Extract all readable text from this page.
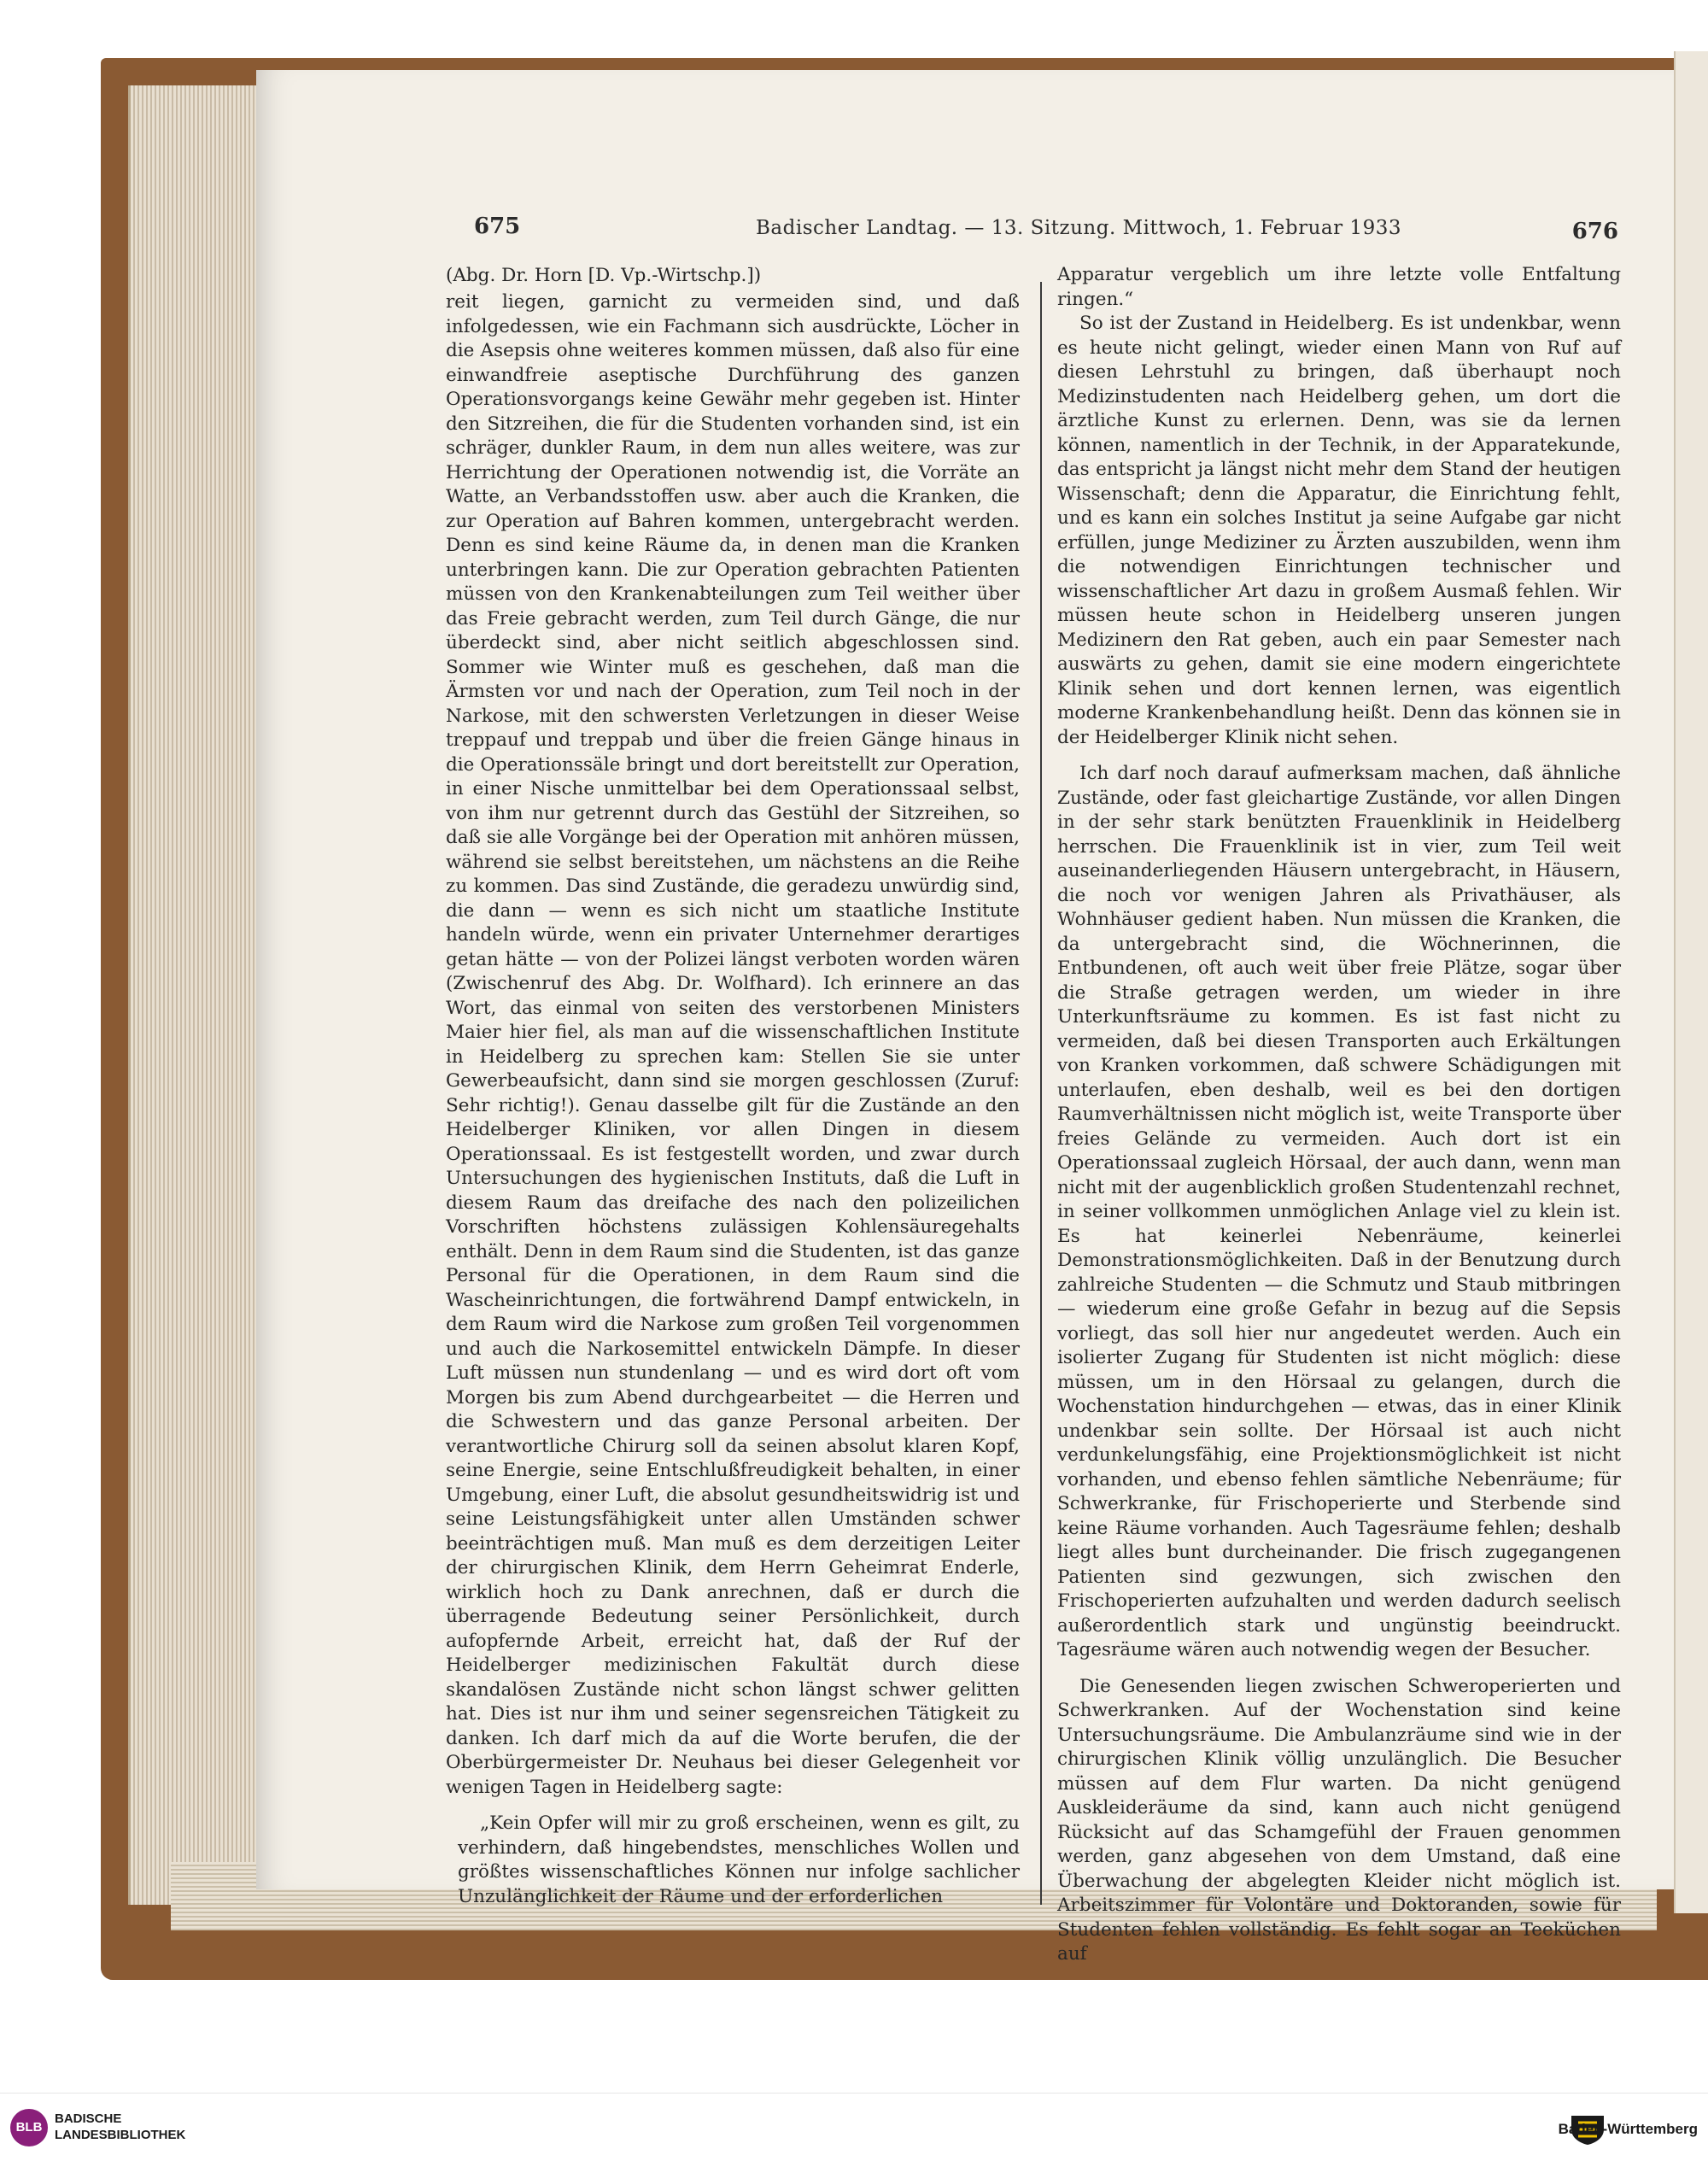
675	Badischer Landtag. — 13. Sitzung. Mittwoch, 1. Februar 1933	676
(Abg. Dr. Horn [D. Vp.-Wirtschp.])

reit liegen, garnicht zu vermeiden sind, und daß infolgedessen, wie ein Fachmann sich ausdrückte, Löcher in die Asepsis ohne weiteres kommen müssen, daß also für eine einwandfreie aseptische Durchführung des ganzen Operationsvorgangs keine Gewähr mehr gegeben ist. Hinter den Sitzreihen, die für die Studenten vorhanden sind, ist ein schräger, dunkler Raum, in dem nun alles weitere, was zur Herrichtung der Operationen notwendig ist, die Vorräte an Watte, an Verbandsstoffen usw. aber auch die Kranken, die zur Operation auf Bahren kommen, untergebracht werden. Denn es sind keine Räume da, in denen man die Kranken unterbringen kann. Die zur Operation gebrachten Patienten müssen von den Krankenabteilungen zum Teil weither über das Freie gebracht werden, zum Teil durch Gänge, die nur überdeckt sind, aber nicht seitlich abgeschlossen sind. Sommer wie Winter muß es geschehen, daß man die Ärmsten vor und nach der Operation, zum Teil noch in der Narkose, mit den schwersten Verletzungen in dieser Weise treppauf und treppab und über die freien Gänge hinaus in die Operationssäle bringt und dort bereitstellt zur Operation, in einer Nische unmittelbar bei dem Operationssaal selbst, von ihm nur getrennt durch das Gestühl der Sitzreihen, so daß sie alle Vorgänge bei der Operation mit anhören müssen, während sie selbst bereitstehen, um nächstens an die Reihe zu kommen. Das sind Zustände, die geradezu unwürdig sind, die dann — wenn es sich nicht um staatliche Institute handeln würde, wenn ein privater Unternehmer derartiges getan hätte — von der Polizei längst verboten worden wären (Zwischenruf des Abg. Dr. Wolfhard). Ich erinnere an das Wort, das einmal von seiten des verstorbenen Ministers Maier hier fiel, als man auf die wissenschaftlichen Institute in Heidelberg zu sprechen kam: Stellen Sie sie unter Gewerbeaufsicht, dann sind sie morgen geschlossen (Zuruf: Sehr richtig!). Genau dasselbe gilt für die Zustände an den Heidelberger Kliniken, vor allen Dingen in diesem Operationssaal. Es ist festgestellt worden, und zwar durch Untersuchungen des hygienischen Instituts, daß die Luft in diesem Raum das dreifache des nach den polizeilichen Vorschriften höchstens zulässigen Kohlensäuregehalts enthält. Denn in dem Raum sind die Studenten, ist das ganze Personal für die Operationen, in dem Raum sind die Wascheinrichtungen, die fortwährend Dampf entwickeln, in dem Raum wird die Narkose zum großen Teil vorgenommen und auch die Narkosemittel entwickeln Dämpfe. In dieser Luft müssen nun stundenlang — und es wird dort oft vom Morgen bis zum Abend durchgearbeitet — die Herren und die Schwestern und das ganze Personal arbeiten. Der verantwortliche Chirurg soll da seinen absolut klaren Kopf, seine Energie, seine Entschlußfreudigkeit behalten, in einer Umgebung, einer Luft, die absolut gesundheitswidrig ist und seine Leistungsfähigkeit unter allen Umständen schwer beeinträchtigen muß. Man muß es dem derzeitigen Leiter der chirurgischen Klinik, dem Herrn Geheimrat Enderle, wirklich hoch zu Dank anrechnen, daß er durch die überragende Bedeutung seiner Persönlichkeit, durch aufopfernde Arbeit, erreicht hat, daß der Ruf der Heidelberger medizinischen Fakultät durch diese skandalösen Zustände nicht schon längst schwer gelitten hat. Dies ist nur ihm und seiner segensreichen Tätigkeit zu danken. Ich darf mich da auf die Worte berufen, die der Oberbürgermeister Dr. Neuhaus bei dieser Gelegenheit vor wenigen Tagen in Heidelberg sagte:

„Kein Opfer will mir zu groß erscheinen, wenn es gilt, zu verhindern, daß hingebendstes, menschliches Wollen und größtes wissenschaftliches Können nur infolge sachlicher Unzulänglichkeit der Räume und der erforderlichen

Apparatur vergeblich um ihre letzte volle Entfaltung ringen.“

So ist der Zustand in Heidelberg. Es ist undenkbar, wenn es heute nicht gelingt, wieder einen Mann von Ruf auf diesen Lehrstuhl zu bringen, daß überhaupt noch Medizinstudenten nach Heidelberg gehen, um dort die ärztliche Kunst zu erlernen. Denn, was sie da lernen können, namentlich in der Technik, in der Apparatekunde, das entspricht ja längst nicht mehr dem Stand der heutigen Wissenschaft; denn die Apparatur, die Einrichtung fehlt, und es kann ein solches Institut ja seine Aufgabe gar nicht erfüllen, junge Mediziner zu Ärzten auszubilden, wenn ihm die notwendigen Einrichtungen technischer und wissenschaftlicher Art dazu in großem Ausmaß fehlen. Wir müssen heute schon in Heidelberg unseren jungen Medizinern den Rat geben, auch ein paar Semester nach auswärts zu gehen, damit sie eine modern eingerichtete Klinik sehen und dort kennen lernen, was eigentlich moderne Krankenbehandlung heißt. Denn das können sie in der Heidelberger Klinik nicht sehen.

Ich darf noch darauf aufmerksam machen, daß ähnliche Zustände, oder fast gleichartige Zustände, vor allen Dingen in der sehr stark benützten Frauenklinik in Heidelberg herrschen. Die Frauenklinik ist in vier, zum Teil weit auseinanderliegenden Häusern untergebracht, in Häusern, die noch vor wenigen Jahren als Privathäuser, als Wohnhäuser gedient haben. Nun müssen die Kranken, die da untergebracht sind, die Wöchnerinnen, die Entbundenen, oft auch weit über freie Plätze, sogar über die Straße getragen werden, um wieder in ihre Unterkunftsräume zu kommen. Es ist fast nicht zu vermeiden, daß bei diesen Transporten auch Erkältungen von Kranken vorkommen, daß schwere Schädigungen mit unterlaufen, eben deshalb, weil es bei den dortigen Raumverhältnissen nicht möglich ist, weite Transporte über freies Gelände zu vermeiden. Auch dort ist ein Operationssaal zugleich Hörsaal, der auch dann, wenn man nicht mit der augenblicklich großen Studentenzahl rechnet, in seiner vollkommen unmöglichen Anlage viel zu klein ist. Es hat keinerlei Nebenräume, keinerlei Demonstrationsmöglichkeiten. Daß in der Benutzung durch zahlreiche Studenten — die Schmutz und Staub mitbringen — wiederum eine große Gefahr in bezug auf die Sepsis vorliegt, das soll hier nur angedeutet werden. Auch ein isolierter Zugang für Studenten ist nicht möglich: diese müssen, um in den Hörsaal zu gelangen, durch die Wochenstation hindurchgehen — etwas, das in einer Klinik undenkbar sein sollte. Der Hörsaal ist auch nicht verdunkelungsfähig, eine Projektionsmöglichkeit ist nicht vorhanden, und ebenso fehlen sämtliche Nebenräume; für Schwerkranke, für Frischoperierte und Sterbende sind keine Räume vorhanden. Auch Tagesräume fehlen; deshalb liegt alles bunt durcheinander. Die frisch zugegangenen Patienten sind gezwungen, sich zwischen den Frischoperierten aufzuhalten und werden dadurch seelisch außerordentlich stark und ungünstig beeindruckt. Tagesräume wären auch notwendig wegen der Besucher.

Die Genesenden liegen zwischen Schweroperierten und Schwerkranken. Auf der Wochenstation sind keine Untersuchungsräume. Die Ambulanzräume sind wie in der chirurgischen Klinik völlig unzulänglich. Die Besucher müssen auf dem Flur warten. Da nicht genügend Auskleideräume da sind, kann auch nicht genügend Rücksicht auf das Schamgefühl der Frauen genommen werden, ganz abgesehen von dem Umstand, daß eine Überwachung der abgelegten Kleider nicht möglich ist. Arbeitszimmer für Volontäre und Doktoranden, sowie für Studenten fehlen vollständig. Es fehlt sogar an Teeküchen auf

BLB
BADISCHE
LANDESBIBLIOTHEK	Baden-Württemberg
